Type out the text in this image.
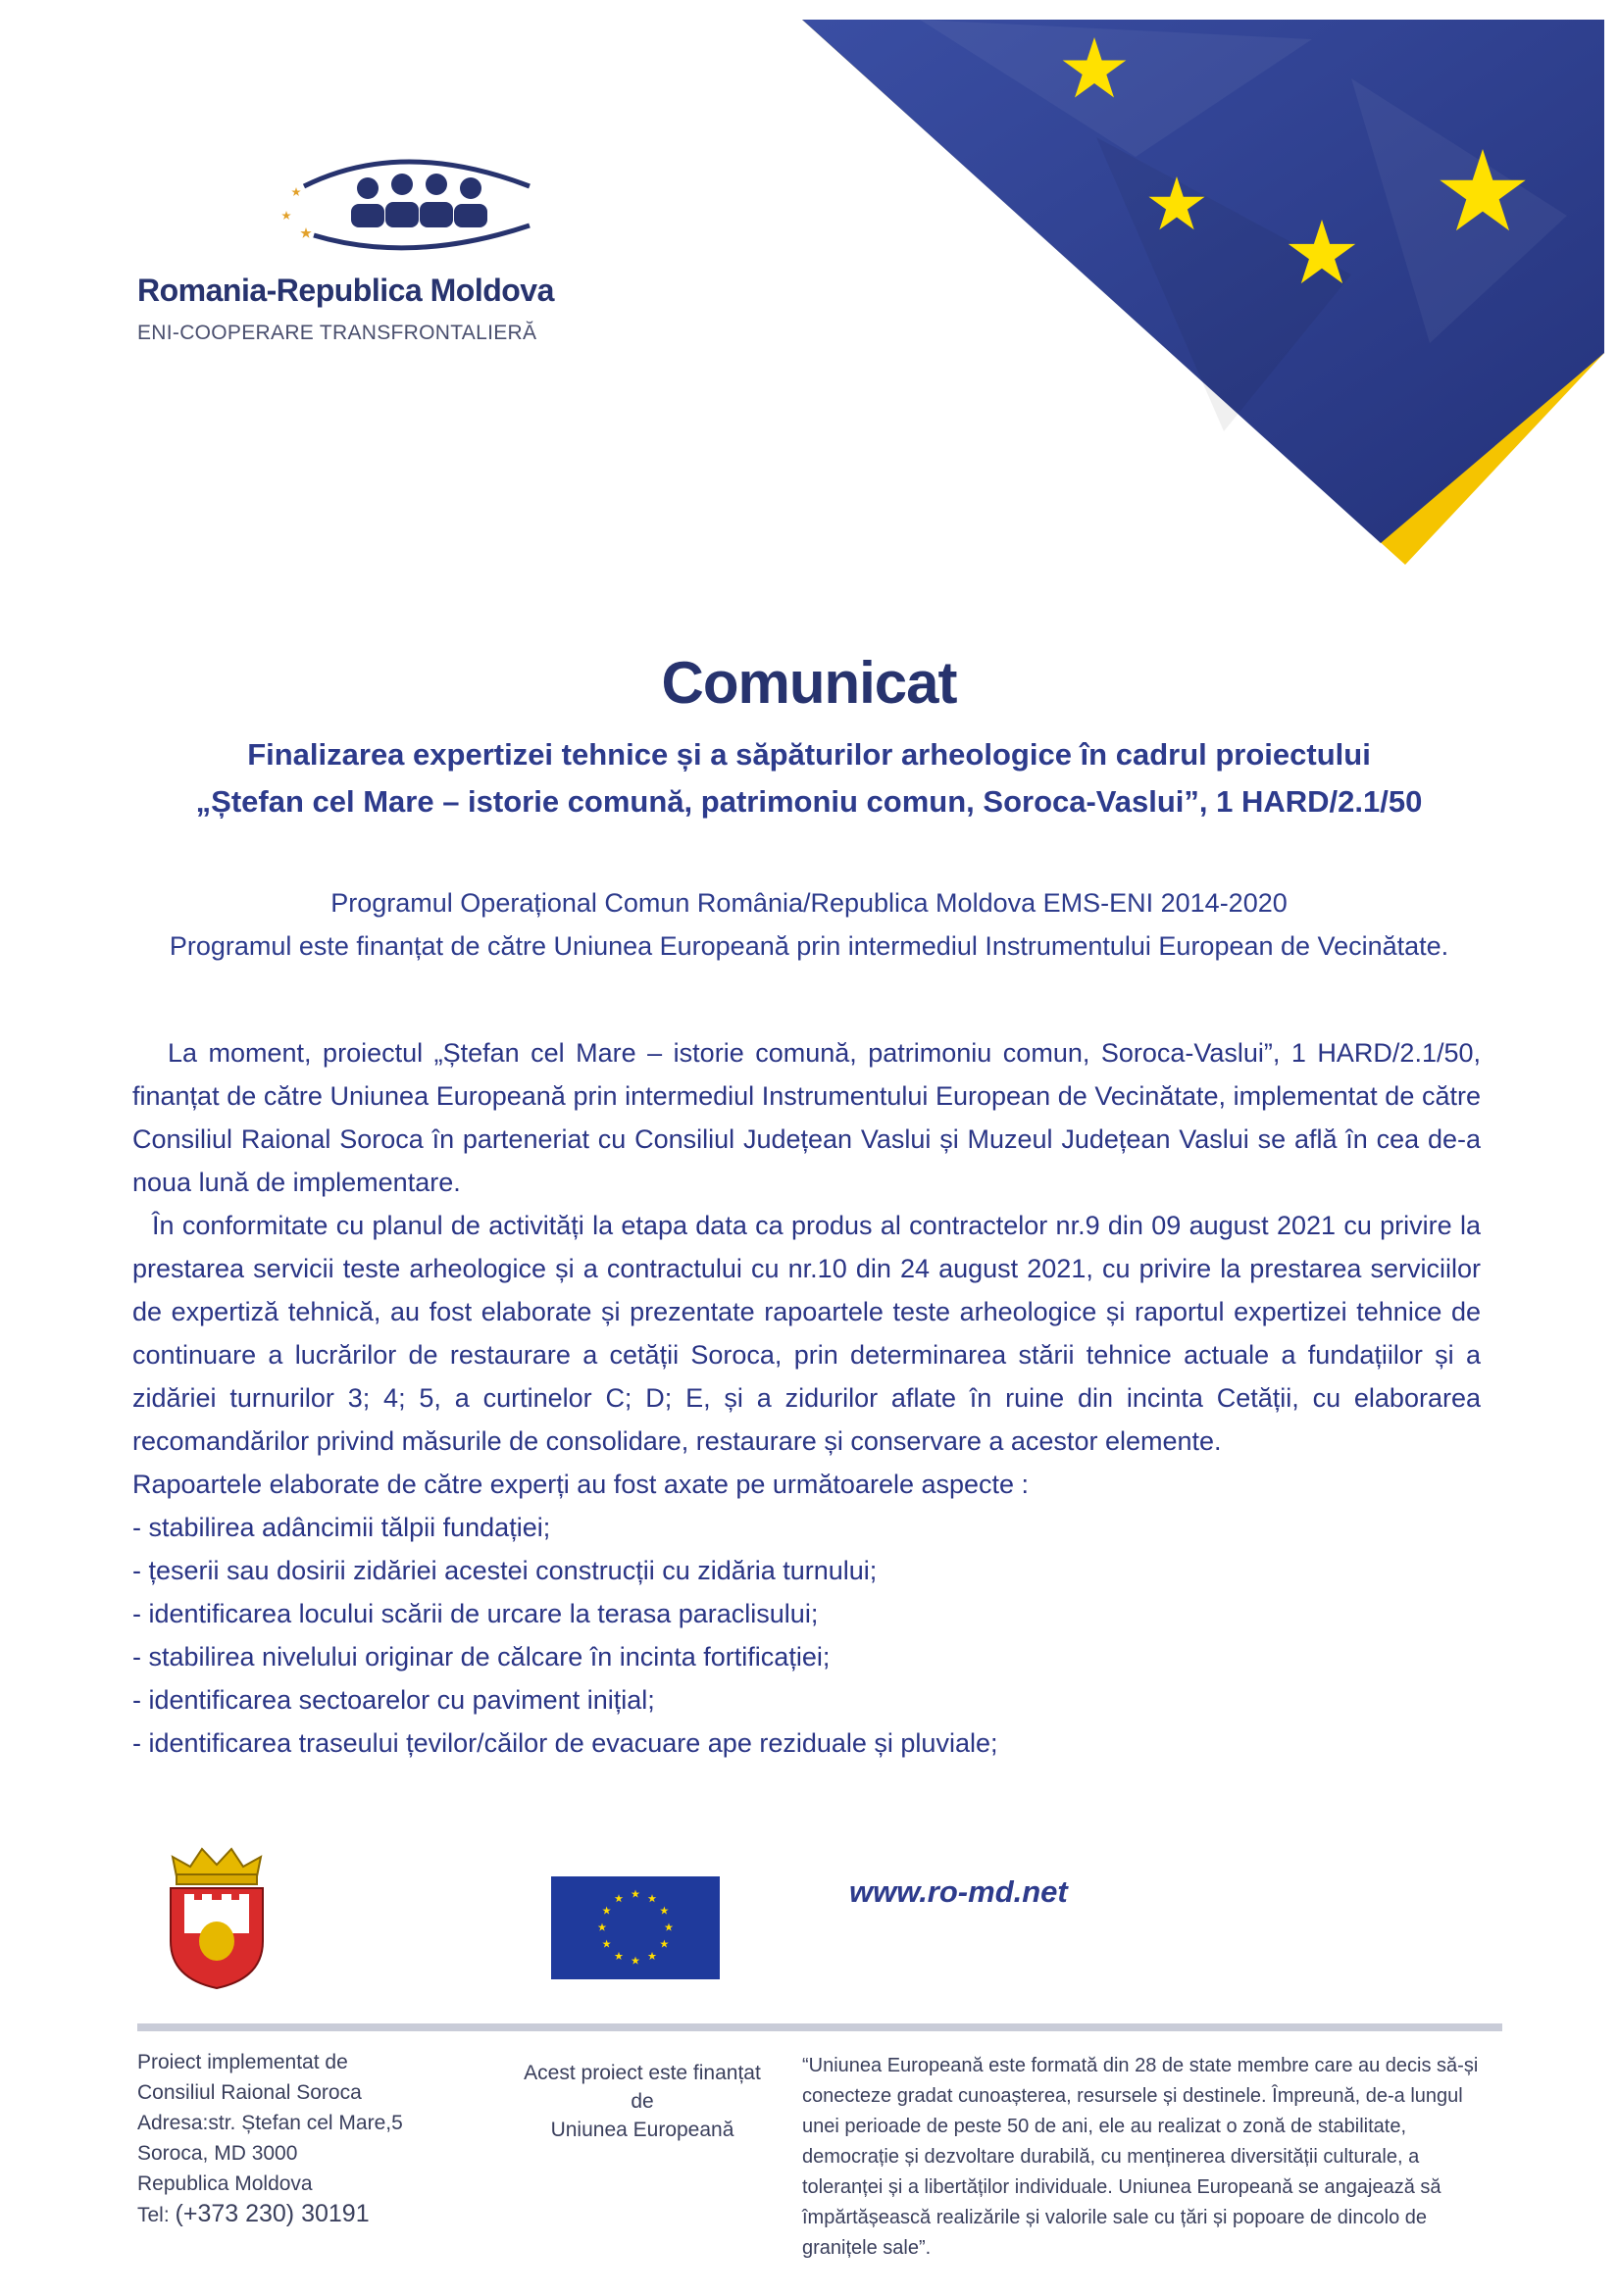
Romania-Republica Moldova
ENI-COOPERARE TRANSFRONTALIERĂ
Comunicat
Finalizarea expertizei tehnice și a săpăturilor arheologice în cadrul proiectului
„Ștefan cel Mare – istorie comună, patrimoniu comun, Soroca-Vaslui”, 1 HARD/2.1/50
Programul Operațional Comun România/Republica Moldova EMS-ENI 2014-2020
Programul este finanțat de către Uniunea Europeană prin intermediul Instrumentului European de Vecinătate.

La moment, proiectul „Ștefan cel Mare – istorie comună, patrimoniu comun, Soroca-Vaslui”, 1 HARD/2.1/50, finanțat de către Uniunea Europeană prin intermediul Instrumentului European de Vecinătate, implementat de către Consiliul Raional Soroca în parteneriat cu Consiliul Județean Vaslui și Muzeul Județean Vaslui se află în cea de-a noua lună de implementare.

În conformitate cu planul de activități la etapa data ca produs al contractelor nr.9 din 09 august 2021 cu privire la prestarea servicii teste arheologice și a contractului cu nr.10 din 24 august 2021, cu privire la prestarea serviciilor de expertiză tehnică, au fost elaborate și prezentate rapoartele teste arheologice și raportul expertizei tehnice de continuare a lucrărilor de restaurare a cetății Soroca, prin determinarea stării tehnice actuale a fundațiilor și a zidăriei turnurilor 3; 4; 5, a curtinelor C; D; E, și a zidurilor aflate în ruine din incinta Cetății, cu elaborarea recomandărilor privind măsurile de consolidare, restaurare și conservare a acestor elemente.

Rapoartele elaborate de către experți au fost axate pe următoarele aspecte :

- stabilirea adâncimii tălpii fundației;
- țeserii sau dosirii zidăriei acestei construcții cu zidăria turnului;
- identificarea locului scării de urcare la terasa paraclisului;
- stabilirea nivelului originar de călcare în incinta fortificației;
- identificarea sectoarelor cu paviment inițial;
- identificarea traseului țevilor/căilor de evacuare ape reziduale și pluviale;
www.ro-md.net
Proiect implementat de
Consiliul Raional Soroca
Adresa:str. Ștefan cel Mare,5
Soroca, MD 3000
Republica Moldova
Tel: (+373 230) 30191
Acest proiect este finanțat
de
Uniunea Europeană
“Uniunea Europeană este formată din 28 de state membre care au decis să-și conecteze gradat cunoașterea, resursele și destinele. Împreună, de-a lungul unei perioade de peste 50 de ani, ele au realizat o zonă de stabilitate, democrație și dezvoltare durabilă, cu menținerea diversității culturale, a toleranței și a libertăților individuale. Uniunea Europeană se angajează să împărtășească realizările și valorile sale cu țări și popoare de dincolo de granițele sale”.
